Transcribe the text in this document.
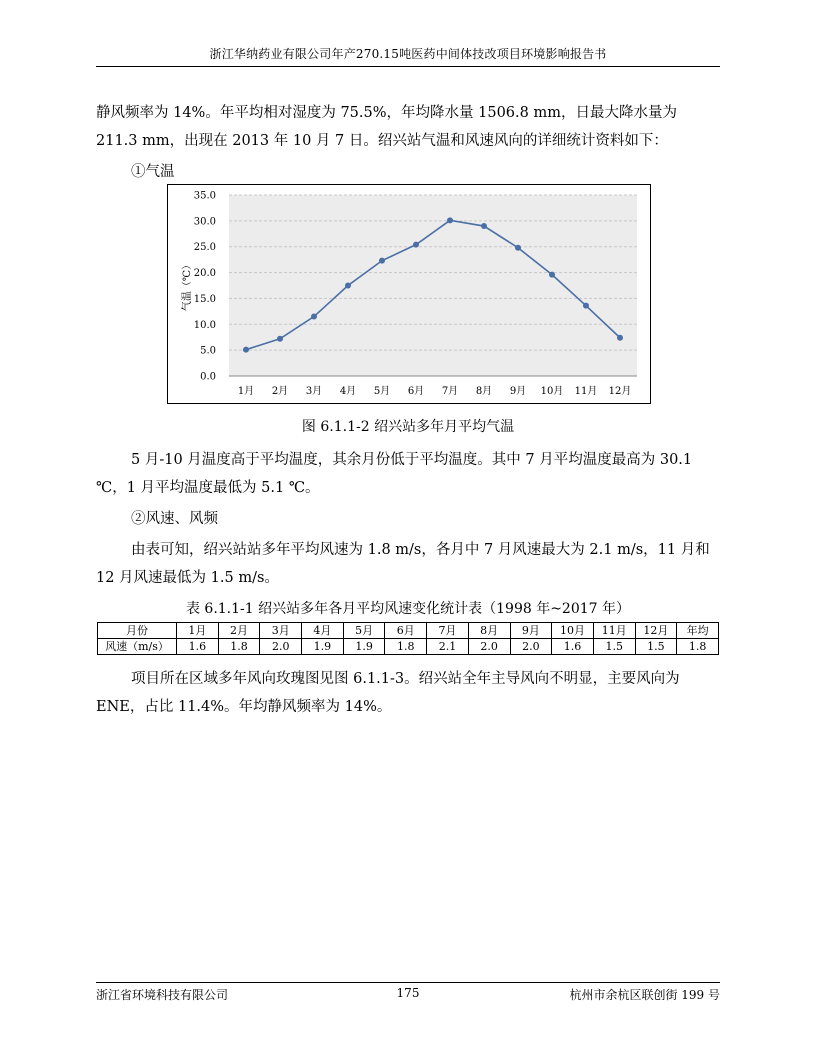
浙江华纳药业有限公司年产270.15吨医药中间体技改项目环境影响报告书

静风频率为 14%。年平均相对湿度为 75.5%，年均降水量 1506.8 mm，日最大降水量为 211.3 mm，出现在 2013 年 10 月 7 日。绍兴站气温和风速风向的详细统计资料如下：

①气温
0.0
5.0
10.0
15.0
20.0
25.0
30.0
35.0
1月 2月 3月 4月 5月 6月 7月 8月 9月 10月 11月 12月
气温（℃）
图 6.1.1-2 绍兴站多年月平均气温

5 月-10 月温度高于平均温度，其余月份低于平均温度。其中 7 月平均温度最高为 30.1 ℃，1 月平均温度最低为 5.1 ℃。

②风速、风频

由表可知，绍兴站站多年平均风速为 1.8 m/s，各月中 7 月风速最大为 2.1 m/s，11 月和 12 月风速最低为 1.5 m/s。

表 6.1.1-1 绍兴站多年各月平均风速变化统计表（1998 年~2017 年）
月份	1月	2月	3月	4月	5月	6月	7月	8月	9月	10月	11月	12月	年均
风速（m/s）	1.6	1.8	2.0	1.9	1.9	1.8	2.1	2.0	2.0	1.6	1.5	1.5	1.8

项目所在区域多年风向玫瑰图见图 6.1.1-3。绍兴站全年主导风向不明显，主要风向为 ENE，占比 11.4%。年均静风频率为 14%。

浙江省环境科技有限公司	175	杭州市余杭区联创街 199 号
